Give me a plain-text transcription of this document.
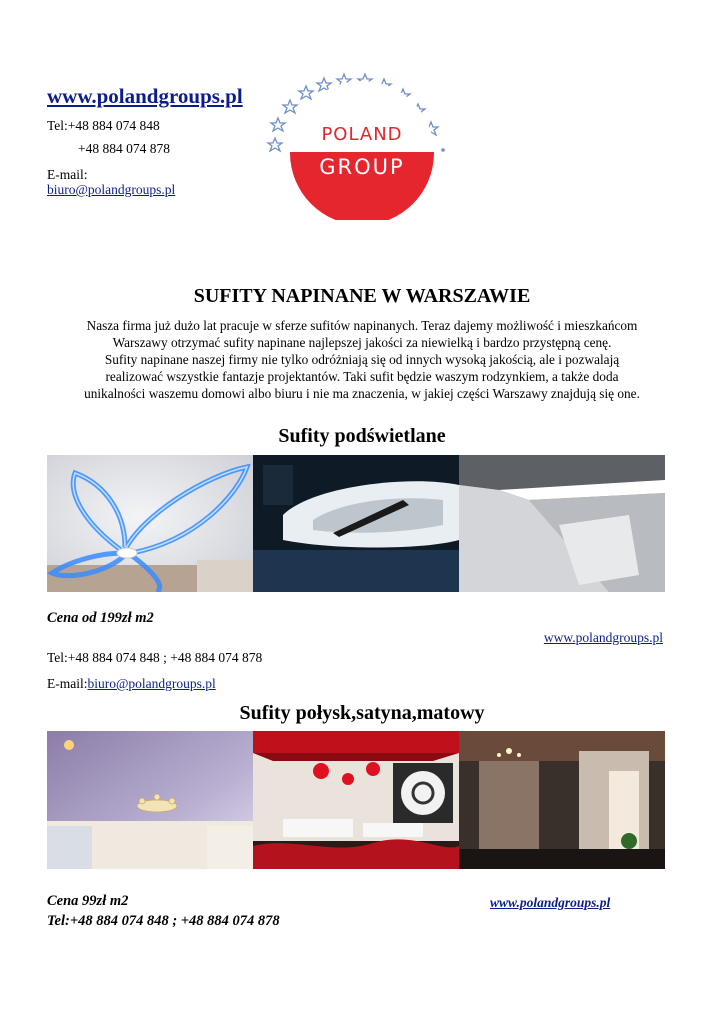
www.polandgroups.pl
Tel:+48 884 074 848
+48 884 074 878
E-mail:
biuro@polandgroups.pl
POLAND
GROUP
SUFITY NAPINANE W WARSZAWIE
Nasza firma już dużo lat pracuje w sferze sufitów napinanych. Teraz dajemy możliwość i mieszkańcom
Warszawy otrzymać sufity napinane najlepszej jakości za niewielką i bardzo przystępną cenę.
Sufity napinane naszej firmy nie tylko odróżniają się od innych wysoką jakością, ale i pozwalają
realizować wszystkie fantazje projektantów. Taki sufit będzie waszym rodzynkiem, a także doda
unikalności waszemu domowi albo biuru i nie ma znaczenia, w jakiej części Warszawy znajdują się one.
Sufity podświetlane
Cena od 199zł m2
www.polandgroups.pl
Tel:+48 884 074 848 ; +48 884 074 878
E-mail:biuro@polandgroups.pl
Sufity połysk,satyna,matowy
Cena 99zł m2	www.polandgroups.pl
Tel:+48 884 074 848 ; +48 884 074 878
